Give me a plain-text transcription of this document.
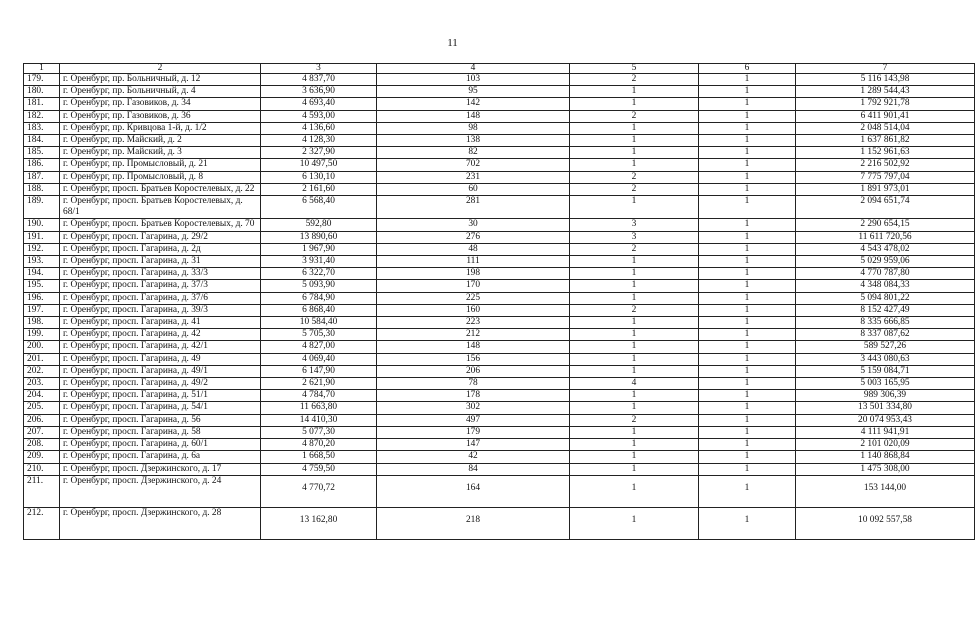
11
1	2	3	4	5	6	7
179.	г. Оренбург, пр. Больничный, д. 12	4 837,70	103	2	1	5 116 143,98
180.	г. Оренбург, пр. Больничный, д. 4	3 636,90	95	1	1	1 289 544,43
181.	г. Оренбург, пр. Газовиков, д. 34	4 693,40	142	1	1	1 792 921,78
182.	г. Оренбург, пр. Газовиков, д. 36	4 593,00	148	2	1	6 411 901,41
183.	г. Оренбург, пр. Кривцова 1-й, д. 1/2	4 136,60	98	1	1	2 048 514,04
184.	г. Оренбург, пр. Майский, д. 2	4 128,30	138	1	1	1 637 861,82
185.	г. Оренбург, пр. Майский, д. 3	2 327,90	82	1	1	1 152 961,63
186.	г. Оренбург, пр. Промысловый, д. 21	10 497,50	702	1	1	2 216 502,92
187.	г. Оренбург, пр. Промысловый, д. 8	6 130,10	231	2	1	7 775 797,04
188.	г. Оренбург, просп. Братьев Коростелевых, д. 22	2 161,60	60	2	1	1 891 973,01
189.	г. Оренбург, просп. Братьев Коростелевых, д. 68/1	6 568,40	281	1	1	2 094 651,74
190.	г. Оренбург, просп. Братьев Коростелевых, д. 70	592,80	30	3	1	2 290 654,15
191.	г. Оренбург, просп. Гагарина, д. 29/2	13 890,60	276	3	1	11 611 720,56
192.	г. Оренбург, просп. Гагарина, д. 2д	1 967,90	48	2	1	4 543 478,02
193.	г. Оренбург, просп. Гагарина, д. 31	3 931,40	111	1	1	5 029 959,06
194.	г. Оренбург, просп. Гагарина, д. 33/3	6 322,70	198	1	1	4 770 787,80
195.	г. Оренбург, просп. Гагарина, д. 37/3	5 093,90	170	1	1	4 348 084,33
196.	г. Оренбург, просп. Гагарина, д. 37/6	6 784,90	225	1	1	5 094 801,22
197.	г. Оренбург, просп. Гагарина, д. 39/3	6 868,40	160	2	1	8 152 427,49
198.	г. Оренбург, просп. Гагарина, д. 41	10 584,40	223	1	1	8 335 666,85
199.	г. Оренбург, просп. Гагарина, д. 42	5 705,30	212	1	1	8 337 087,62
200.	г. Оренбург, просп. Гагарина, д. 42/1	4 827,00	148	1	1	589 527,26
201.	г. Оренбург, просп. Гагарина, д. 49	4 069,40	156	1	1	3 443 080,63
202.	г. Оренбург, просп. Гагарина, д. 49/1	6 147,90	206	1	1	5 159 084,71
203.	г. Оренбург, просп. Гагарина, д. 49/2	2 621,90	78	4	1	5 003 165,95
204.	г. Оренбург, просп. Гагарина, д. 51/1	4 784,70	178	1	1	989 306,39
205.	г. Оренбург, просп. Гагарина, д. 54/1	11 663,80	302	1	1	13 501 334,80
206.	г. Оренбург, просп. Гагарина, д. 56	14 410,30	497	2	1	20 074 953,43
207.	г. Оренбург, просп. Гагарина, д. 58	5 077,30	179	1	1	4 111 941,91
208.	г. Оренбург, просп. Гагарина, д. 60/1	4 870,20	147	1	1	2 101 020,09
209.	г. Оренбург, просп. Гагарина, д. 6а	1 668,50	42	1	1	1 140 868,84
210.	г. Оренбург, просп. Дзержинского, д. 17	4 759,50	84	1	1	1 475 308,00
211.	г. Оренбург, просп. Дзержинского, д. 24	4 770,72	164	1	1	153 144,00
212.	г. Оренбург, просп. Дзержинского, д. 28	13 162,80	218	1	1	10 092 557,58
